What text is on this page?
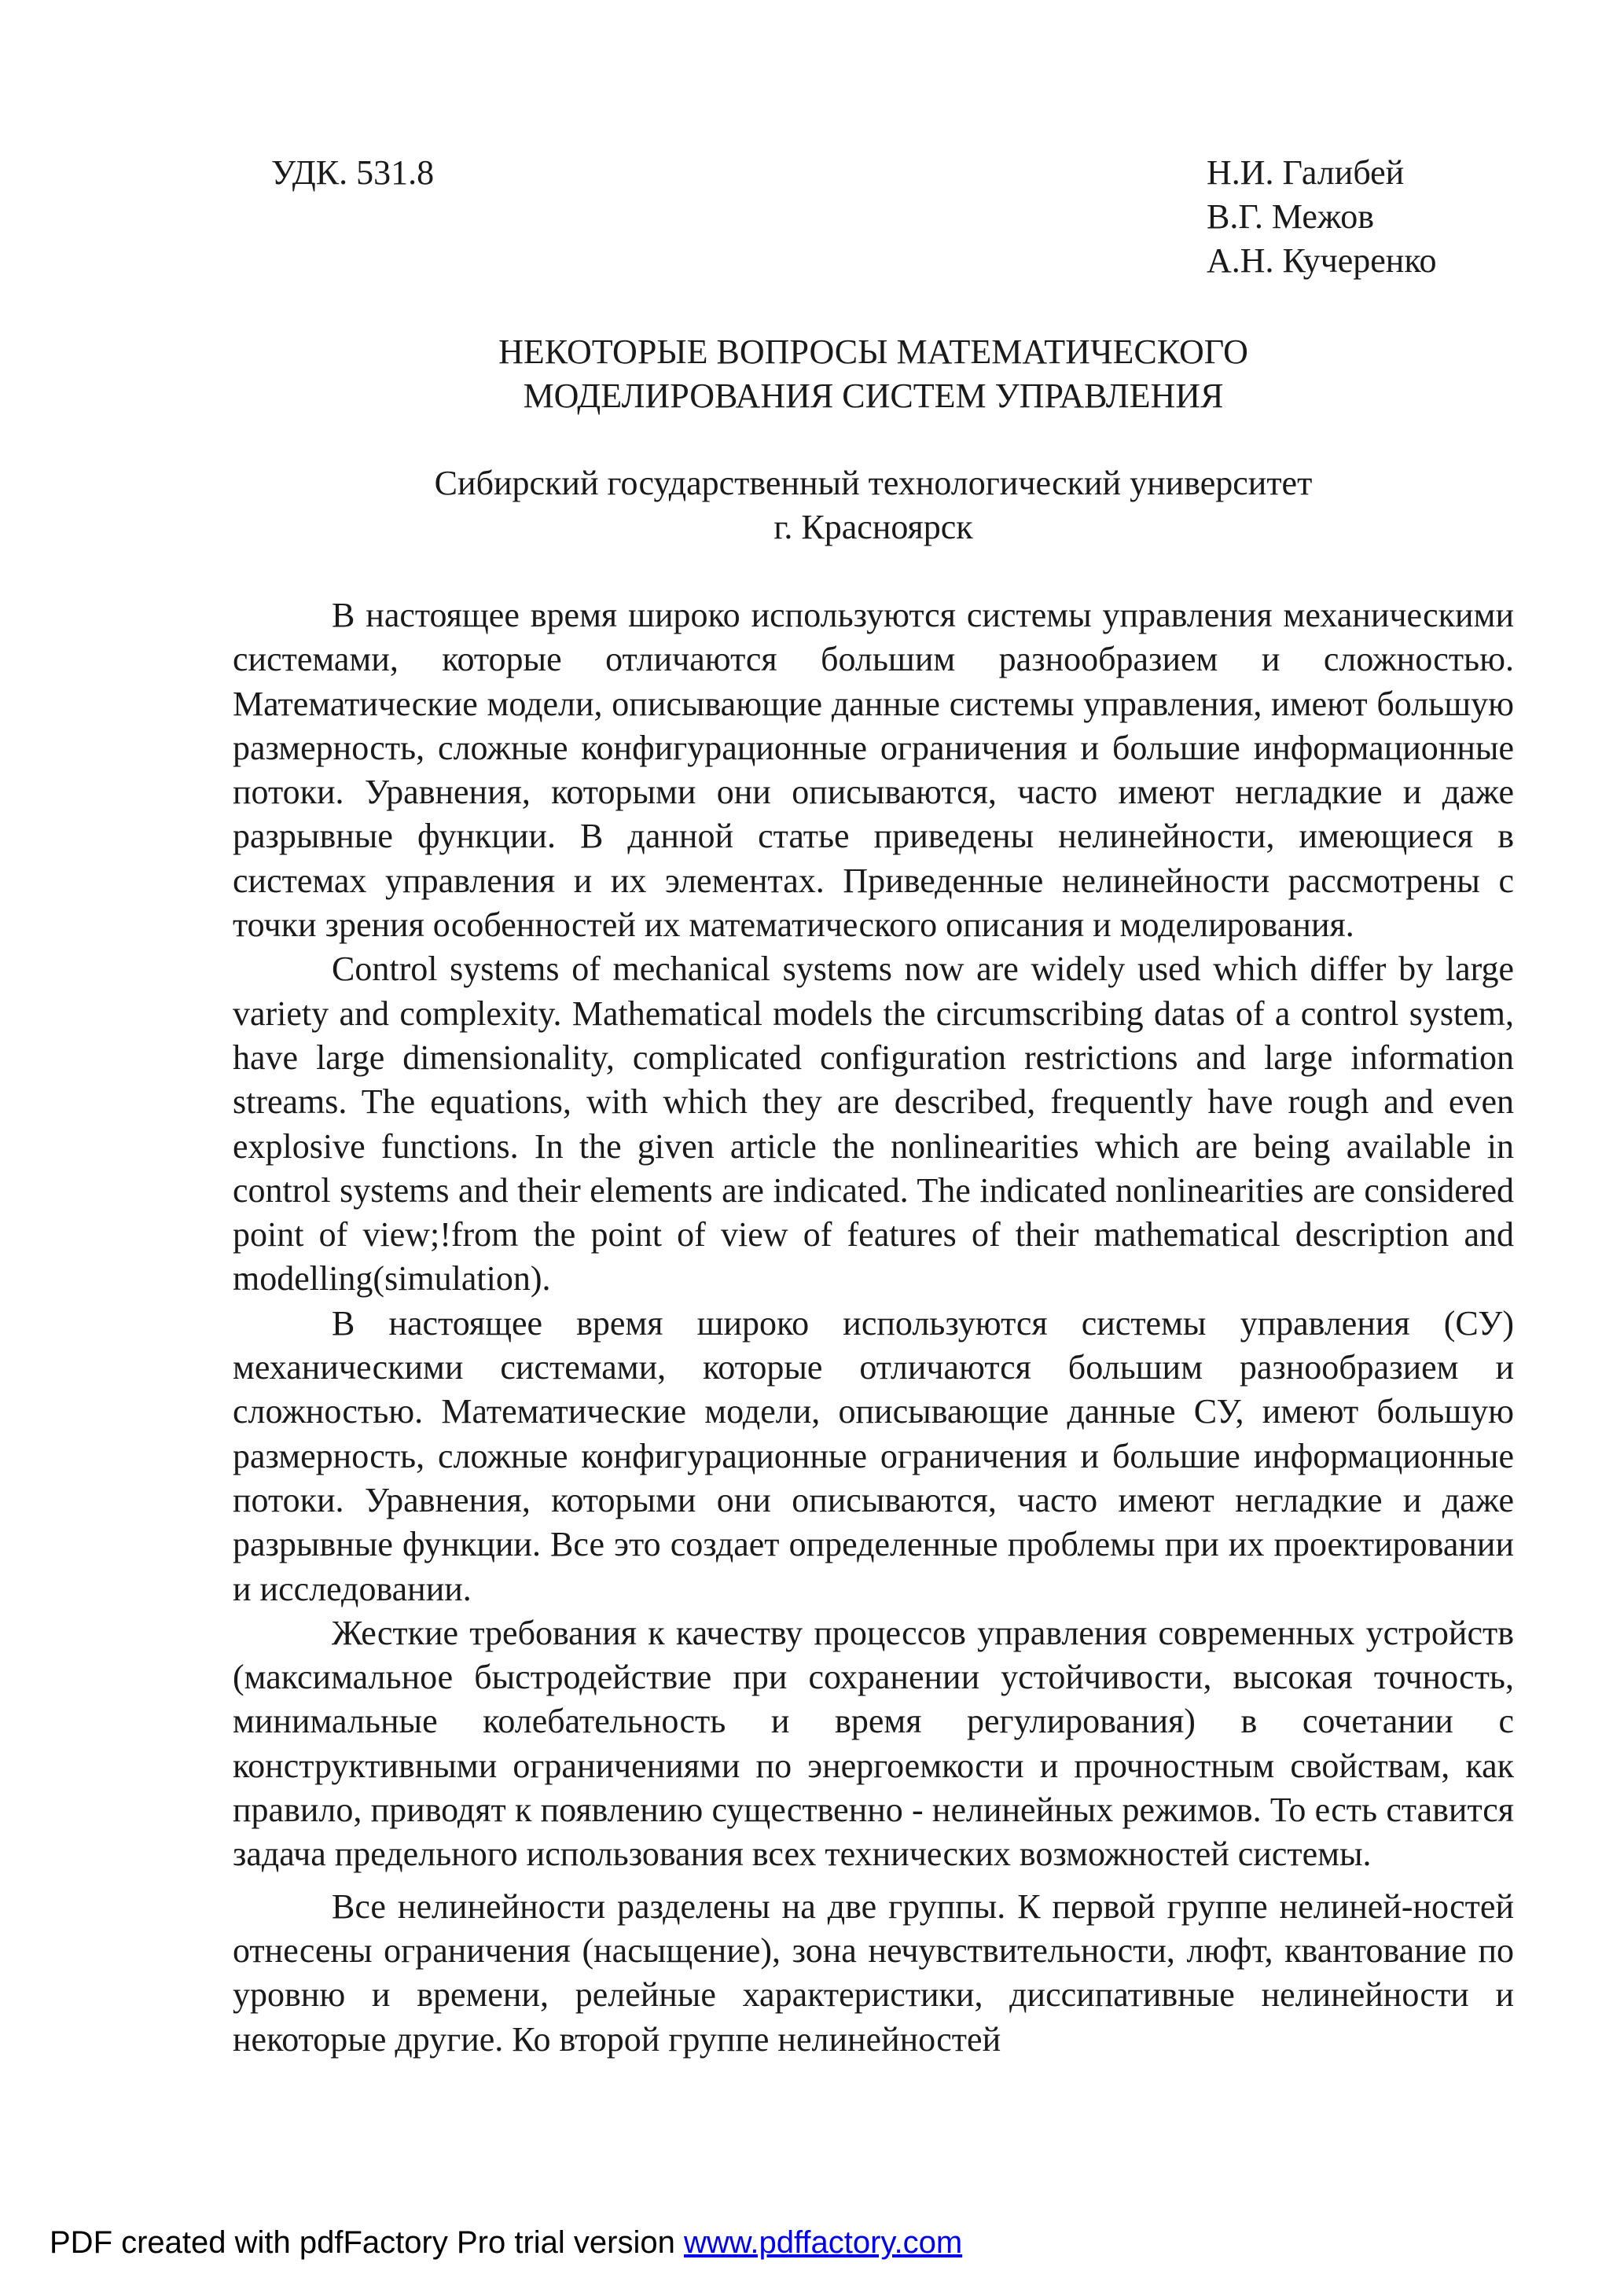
УДК. 531.8	Н.И. Галибей
В.Г. Межов
А.Н. Кучеренко
НЕКОТОРЫЕ ВОПРОСЫ МАТЕМАТИЧЕСКОГО
МОДЕЛИРОВАНИЯ СИСТЕМ УПРАВЛЕНИЯ
Сибирский государственный технологический университет
г. Красноярск

В настоящее время широко используются системы управления механическими системами, которые отличаются большим разнообразием и сложностью. Математические модели, описывающие данные системы управления, имеют большую размерность, сложные конфигурационные ограничения и большие информационные потоки. Уравнения, которыми они описываются, часто имеют негладкие и даже разрывные функции. В данной статье приведены нелинейности, имеющиеся в системах управления и их элементах. Приведенные нелинейности рассмотрены с точки зрения особенностей их математического описания и моделирования.

Control systems of mechanical systems now are widely used which differ by large variety and complexity. Mathematical models the circumscribing datas of a control system, have large dimensionality, complicated configuration restrictions and large information streams. The equations, with which they are described, frequently have rough and even explosive functions. In the given article the nonlinearities which are being available in control systems and their elements are indicated. The indicated nonlinearities are considered point of view;!from the point of view of features of their mathematical description and modelling(simulation).

В настоящее время широко используются системы управления (СУ) механическими системами, которые отличаются большим разнообразием и сложностью. Математические модели, описывающие данные СУ, имеют большую размерность, сложные конфигурационные ограничения и большие информационные потоки. Уравнения, которыми они описываются, часто имеют негладкие и даже разрывные функции. Все это создает определенные проблемы при их проектировании и исследовании.

Жесткие требования к качеству процессов управления современных устройств (максимальное быстродействие при сохранении устойчивости, высокая точность, минимальные колебательность и время регулирования) в сочетании с конструктивными ограничениями по энергоемкости и прочностным свойствам, как правило, приводят к появлению существенно - нелинейных режимов. То есть ставится задача предельного использования всех технических возможностей системы.

Все нелинейности разделены на две группы. К первой группе нелиней-ностей отнесены ограничения (насыщение), зона нечувствительности, люфт, квантование по уровню и времени, релейные характеристики, диссипативные нелинейности и некоторые другие. Ко второй группе нелинейностей

PDF created with pdfFactory Pro trial version www.pdffactory.com
